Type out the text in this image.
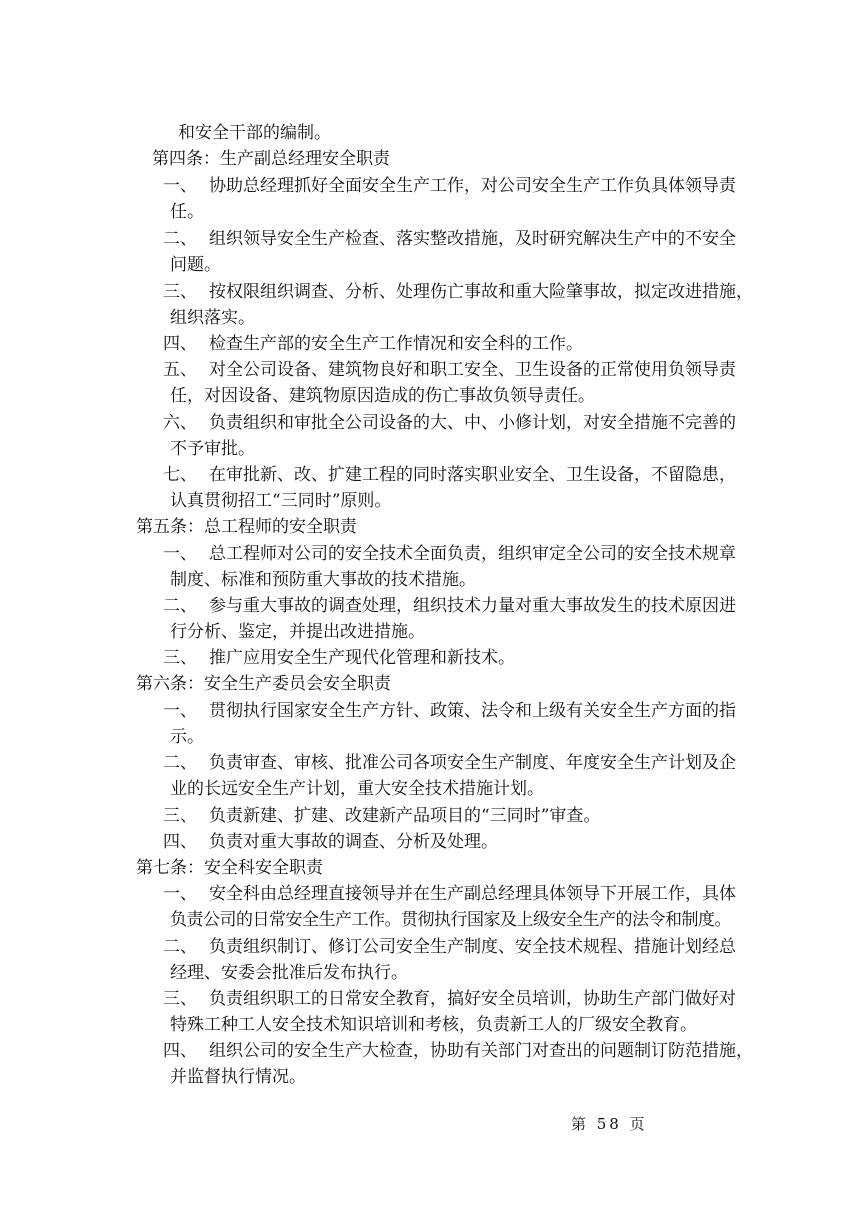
和安全干部的编制。
第四条：生产副总经理安全职责
一、 协助总经理抓好全面安全生产工作，对公司安全生产工作负具体领导责
任。
二、 组织领导安全生产检查、落实整改措施，及时研究解决生产中的不安全
问题。
三、 按权限组织调查、分析、处理伤亡事故和重大险肇事故，拟定改进措施，
组织落实。
四、 检查生产部的安全生产工作情况和安全科的工作。
五、 对全公司设备、建筑物良好和职工安全、卫生设备的正常使用负领导责
任，对因设备、建筑物原因造成的伤亡事故负领导责任。
六、 负责组织和审批全公司设备的大、中、小修计划，对安全措施不完善的
不予审批。
七、 在审批新、改、扩建工程的同时落实职业安全、卫生设备，不留隐患，
认真贯彻招工“三同时”原则。
第五条：总工程师的安全职责
一、 总工程师对公司的安全技术全面负责，组织审定全公司的安全技术规章
制度、标准和预防重大事故的技术措施。
二、 参与重大事故的调查处理，组织技术力量对重大事故发生的技术原因进
行分析、鉴定，并提出改进措施。
三、 推广应用安全生产现代化管理和新技术。
第六条：安全生产委员会安全职责
一、 贯彻执行国家安全生产方针、政策、法令和上级有关安全生产方面的指
示。
二、 负责审查、审核、批准公司各项安全生产制度、年度安全生产计划及企
业的长远安全生产计划，重大安全技术措施计划。
三、 负责新建、扩建、改建新产品项目的“三同时”审查。
四、 负责对重大事故的调查、分析及处理。
第七条：安全科安全职责
一、 安全科由总经理直接领导并在生产副总经理具体领导下开展工作，具体
负责公司的日常安全生产工作。贯彻执行国家及上级安全生产的法令和制度。
二、 负责组织制订、修订公司安全生产制度、安全技术规程、措施计划经总
经理、安委会批准后发布执行。
三、 负责组织职工的日常安全教育，搞好安全员培训，协助生产部门做好对
特殊工种工人安全技术知识培训和考核，负责新工人的厂级安全教育。
四、 组织公司的安全生产大检查，协助有关部门对查出的问题制订防范措施，
并监督执行情况。
第 58 页
